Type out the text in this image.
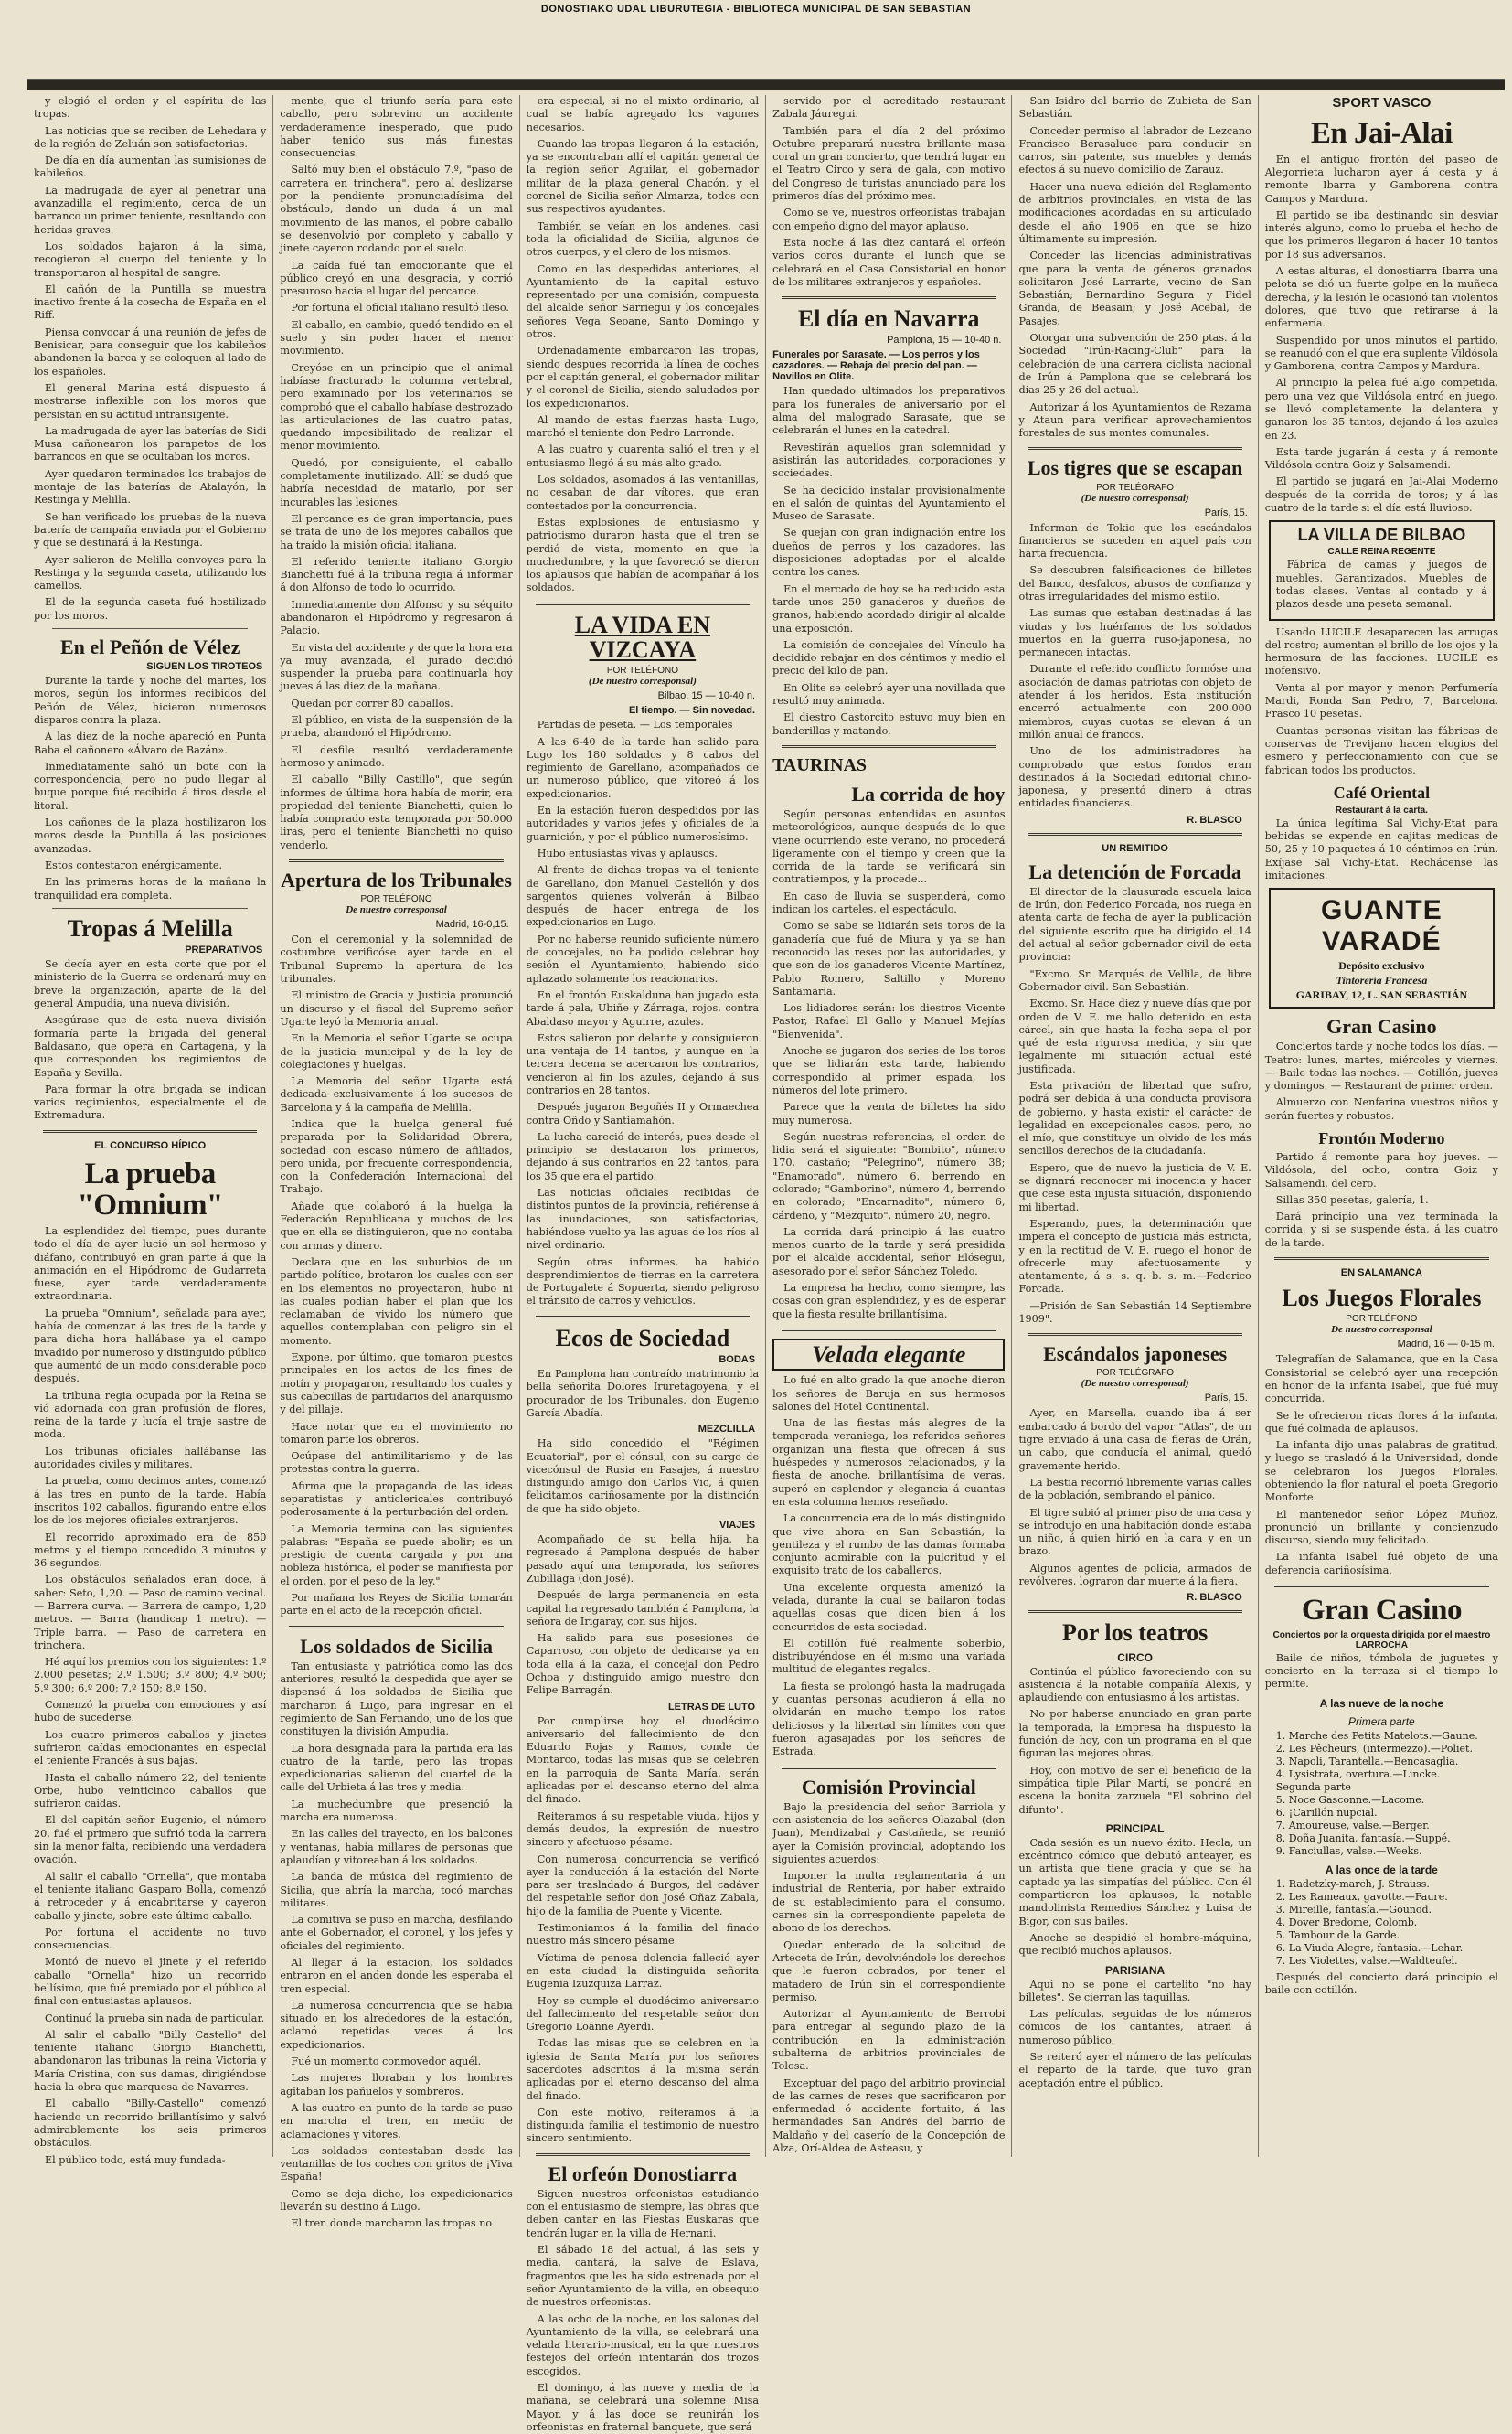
DONOSTIAKO UDAL LIBURUTEGIA - BIBLIOTECA MUNICIPAL DE SAN SEBASTIAN

y elogió el orden y el espíritu de las tropas.

Las noticias que se reciben de Lehedara y de la región de Zeluán son satisfactorias.

De día en día aumentan las sumisiones de kabileños.

La madrugada de ayer al penetrar una avanzadilla el regimiento, cerca de un barranco un primer teniente, resultando con heridas graves.

Los soldados bajaron á la sima, recogieron el cuerpo del teniente y lo transportaron al hospital de sangre.

El cañón de la Puntilla se muestra inactivo frente á la cosecha de España en el Riff.

Piensa convocar á una reunión de jefes de Benisicar, para conseguir que los kabileños abandonen la barca y se coloquen al lado de los españoles.

El general Marina está dispuesto á mostrarse inflexible con los moros que persistan en su actitud intransigente.

La madrugada de ayer las baterías de Sidi Musa cañonearon los parapetos de los barrancos en que se ocultaban los moros.

Ayer quedaron terminados los trabajos de montaje de las baterías de Atalayón, la Restinga y Melilla.

Se han verificado los pruebas de la nueva batería de campaña enviada por el Gobierno y que se destinará á la Restinga.

Ayer salieron de Melilla convoyes para la Restinga y la segunda caseta, utilizando los camellos.

El de la segunda caseta fué hostilizado por los moros.

En el Peñón de Vélez
SIGUEN LOS TIROTEOS

Durante la tarde y noche del martes, los moros, según los informes recibidos del Peñón de Vélez, hicieron numerosos disparos contra la plaza.

A las diez de la noche apareció en Punta Baba el cañonero «Álvaro de Bazán».

Inmediatamente salió un bote con la correspondencia, pero no pudo llegar al buque porque fué recibido á tiros desde el litoral.

Los cañones de la plaza hostilizaron los moros desde la Puntilla á las posiciones avanzadas.

Estos contestaron enérgicamente.

En las primeras horas de la mañana la tranquilidad era completa.

Tropas á Melilla
PREPARATIVOS

Se decía ayer en esta corte que por el ministerio de la Guerra se ordenará muy en breve la organización, aparte de la del general Ampudia, una nueva división.

Asegúrase que de esta nueva división formaría parte la brigada del general Baldasano, que opera en Cartagena, y la que corresponden los regimientos de España y Sevilla.

Para formar la otra brigada se indican varios regimientos, especialmente el de Extremadura.

EL CONCURSO HÍPICO
La prueba "Omnium"

La esplendidez del tiempo, pues durante todo el día de ayer lució un sol hermoso y diáfano, contribuyó en gran parte á que la animación en el Hipódromo de Gudarreta fuese, ayer tarde verdaderamente extraordinaria.

La prueba "Omnium", señalada para ayer, había de comenzar á las tres de la tarde y para dicha hora hallábase ya el campo invadido por numeroso y distinguido público que aumentó de un modo considerable poco después.

La tribuna regia ocupada por la Reina se vió adornada con gran profusión de flores, reina de la tarde y lucía el traje sastre de moda.

Los tribunas oficiales hallábanse las autoridades civiles y militares.

La prueba, como decimos antes, comenzó á las tres en punto de la tarde. Había inscritos 102 caballos, figurando entre ellos los de los mejores oficiales extranjeros.

El recorrido aproximado era de 850 metros y el tiempo concedido 3 minutos y 36 segundos.

Los obstáculos señalados eran doce, á saber: Seto, 1,20. — Paso de camino vecinal. — Barrera curva. — Barrera de campo, 1,20 metros. — Barra (handicap 1 metro). — Triple barra. — Paso de carretera en trinchera.

Hé aquí los premios con los siguientes: 1.º 2.000 pesetas; 2.º 1.500; 3.º 800; 4.º 500; 5.º 300; 6.º 200; 7.º 150; 8.º 150.

Comenzó la prueba con emociones y así hubo de sucederse.

Los cuatro primeros caballos y jinetes sufrieron caídas emocionantes en especial el teniente Francés à sus bajas.

Hasta el caballo número 22, del teniente Orbe, hubo veinticinco caballos que sufrieron caídas.

El del capitán señor Eugenio, el número 20, fué el primero que sufrió toda la carrera sin la menor falta, recibiendo una verdadera ovación.

Al salir el caballo "Ornella", que montaba el teniente italiano Gasparo Bolla, comenzó á retroceder y á encabritarse y cayeron caballo y jinete, sobre este último caballo.

Por fortuna el accidente no tuvo consecuencias.

Montó de nuevo el jinete y el referido caballo "Ornella" hizo un recorrido bellísimo, que fué premiado por el público al final con entusiastas aplausos.

Continuó la prueba sin nada de particular.

Al salir el caballo "Billy Castello" del teniente italiano Giorgio Bianchetti, abandonaron las tribunas la reina Victoria y María Cristina, con sus damas, dirigiéndose hacia la obra que marquesa de Navarres.

El caballo "Billy-Castello" comenzó haciendo un recorrido brillantísimo y salvó admirablemente los seis primeros obstáculos.

El público todo, está muy fundada-

mente, que el triunfo sería para este caballo, pero sobrevino un accidente verdaderamente inesperado, que pudo haber tenido sus más funestas consecuencias.

Saltó muy bien el obstáculo 7.º, "paso de carretera en trinchera", pero al deslizarse por la pendiente pronunciadísima del obstáculo, dando un duda á un mal movimiento de las manos, el pobre caballo se desenvolvió por completo y caballo y jinete cayeron rodando por el suelo.

La caída fué tan emocionante que el público creyó en una desgracia, y corrió presuroso hacia el lugar del percance.

Por fortuna el oficial italiano resultó ileso.

El caballo, en cambio, quedó tendido en el suelo y sin poder hacer el menor movimiento.

Creyóse en un principio que el animal habíase fracturado la columna vertebral, pero examinado por los veterinarios se comprobó que el caballo habíase destrozado las articulaciones de las cuatro patas, quedando imposibilitado de realizar el menor movimiento.

Quedó, por consiguiente, el caballo completamente inutilizado. Allí se dudó que habría necesidad de matarlo, por ser incurables las lesiones.

El percance es de gran importancia, pues se trata de uno de los mejores caballos que ha traído la misión oficial italiana.

El referido teniente italiano Giorgio Bianchetti fué á la tribuna regia á informar á don Alfonso de todo lo ocurrido.

Inmediatamente don Alfonso y su séquito abandonaron el Hipódromo y regresaron á Palacio.

En vista del accidente y de que la hora era ya muy avanzada, el jurado decidió suspender la prueba para continuarla hoy jueves á las diez de la mañana.

Quedan por correr 80 caballos.

El público, en vista de la suspensión de la prueba, abandonó el Hipódromo.

El desfile resultó verdaderamente hermoso y animado.

El caballo "Billy Castillo", que según informes de última hora había de morir, era propiedad del teniente Bianchetti, quien lo había comprado esta temporada por 50.000 liras, pero el teniente Bianchetti no quiso venderlo.

Apertura de los Tribunales
POR TELÉFONO
De nuestro corresponsal
Madrid, 16-0,15.

Con el ceremonial y la solemnidad de costumbre verificóse ayer tarde en el Tribunal Supremo la apertura de los tribunales.

El ministro de Gracia y Justicia pronunció un discurso y el fiscal del Supremo señor Ugarte leyó la Memoria anual.

En la Memoria el señor Ugarte se ocupa de la justicia municipal y de la ley de colegiaciones y huelgas.

La Memoria del señor Ugarte está dedicada exclusivamente á los sucesos de Barcelona y á la campaña de Melilla.

Indica que la huelga general fué preparada por la Solidaridad Obrera, sociedad con escaso número de afiliados, pero unida, por frecuente correspondencia, con la Confederación Internacional del Trabajo.

Añade que colaboró á la huelga la Federación Republicana y muchos de los que en ella se distinguieron, que no contaba con armas y dinero.

Declara que en los suburbios de un partido político, brotaron los cuales con ser en los elementos no proyectaron, hubo ni las cuales podían haber el plan que los reclamaban de vivido los número que aquellos contemplaban con peligro sin el momento.

Expone, por último, que tomaron puestos principales en los actos de los fines de motín y propagaron, resultando los cuales y sus cabecillas de partidarios del anarquismo y del pillaje.

Hace notar que en el movimiento no tomaron parte los obreros.

Ocúpase del antimilitarismo y de las protestas contra la guerra.

Afirma que la propaganda de las ideas separatistas y anticlericales contribuyó poderosamente á la perturbación del orden.

La Memoria termina con las siguientes palabras: "España se puede abolir; es un prestigio de cuenta cargada y por una nobleza histórica, el poder se manifiesta por el orden, por el peso de la ley."

Por mañana los Reyes de Sicilia tomarán parte en el acto de la recepción oficial.

Los soldados de Sicilia

Tan entusiasta y patriótica como las dos anteriores, resultó la despedida que ayer se dispensó á los soldados de Sicilia que marcharon á Lugo, para ingresar en el regimiento de San Fernando, uno de los que constituyen la división Ampudia.

La hora designada para la partida era las cuatro de la tarde, pero las tropas expedicionarias salieron del cuartel de la calle del Urbieta á las tres y media.

La muchedumbre que presenció la marcha era numerosa.

En las calles del trayecto, en los balcones y ventanas, había millares de personas que aplaudían y vitoreaban á los soldados.

La banda de música del regimiento de Sicilia, que abría la marcha, tocó marchas militares.

La comitiva se puso en marcha, desfilando ante el Gobernador, el coronel, y los jefes y oficiales del regimiento.

Al llegar á la estación, los soldados entraron en el anden donde les esperaba el tren especial.

La numerosa concurrencia que se habia situado en los alrededores de la estación, aclamó repetidas veces á los expedicionarios.

Fué un momento conmovedor aquél.

Las mujeres lloraban y los hombres agitaban los pañuelos y sombreros.

A las cuatro en punto de la tarde se puso en marcha el tren, en medio de aclamaciones y vítores.

Los soldados contestaban desde las ventanillas de los coches con gritos de ¡Viva España!

Como se deja dicho, los expedicionarios llevarán su destino á Lugo.

El tren donde marcharon las tropas no

era especial, si no el mixto ordinario, al cual se había agregado los vagones necesarios.

Cuando las tropas llegaron á la estación, ya se encontraban allí el capitán general de la región señor Aguilar, el gobernador militar de la plaza general Chacón, y el coronel de Sicilia señor Almarza, todos con sus respectivos ayudantes.

También se veían en los andenes, casi toda la oficialidad de Sicilia, algunos de otros cuerpos, y el clero de los mismos.

Como en las despedidas anteriores, el Ayuntamiento de la capital estuvo representado por una comisión, compuesta del alcalde señor Sarriegui y los concejales señores Vega Seoane, Santo Domingo y otros.

Ordenadamente embarcaron las tropas, siendo despues recorrida la línea de coches por el capitán general, el gobernador militar y el coronel de Sicilia, siendo saludados por los expedicionarios.

Al mando de estas fuerzas hasta Lugo, marchó el teniente don Pedro Larronde.

A las cuatro y cuarenta salió el tren y el entusiasmo llegó á su más alto grado.

Los soldados, asomados á las ventanillas, no cesaban de dar vítores, que eran contestados por la concurrencia.

Estas explosiones de entusiasmo y patriotismo duraron hasta que el tren se perdió de vista, momento en que la muchedumbre, y la que favoreció se dieron los aplausos que habían de acompañar á los soldados.

LA VIDA EN VIZCAYA
POR TELÉFONO
(De nuestro corresponsal)
Bilbao, 15 — 10-40 n.
El tiempo. — Sin novedad.

Partidas de peseta. — Los temporales

A las 6-40 de la tarde han salido para Lugo los 180 soldados y 8 cabos del regimiento de Garellano, acompañados de un numeroso público, que vitoreó á los expedicionarios.

En la estación fueron despedidos por las autoridades y varios jefes y oficiales de la guarnición, y por el público numerosísimo.

Hubo entusiastas vivas y aplausos.

Al frente de dichas tropas va el teniente de Garellano, don Manuel Castellón y dos sargentos quienes volverán á Bilbao después de hacer entrega de los expedicionarios en Lugo.

Por no haberse reunido suficiente número de concejales, no ha podido celebrar hoy sesión el Ayuntamiento, habiendo sido aplazado solamente los reacionarios.

En el frontón Euskalduna han jugado esta tarde á pala, Ubiñe y Zárraga, rojos, contra Abaldaso mayor y Aguirre, azules.

Estos salieron por delante y consiguieron una ventaja de 14 tantos, y aunque en la tercera decena se acercaron los contrarios, vencieron al fin los azules, dejando á sus contrarios en 28 tantos.

Después jugaron Begoñés II y Ormaechea contra Oñdo y Santiamahón.

La lucha careció de interés, pues desde el principio se destacaron los primeros, dejando á sus contrarios en 22 tantos, para los 35 que era el partido.

Las noticias oficiales recibidas de distintos puntos de la provincia, refiérense á las inundaciones, son satisfactorias, habiéndose vuelto ya las aguas de los ríos al nivel ordinario.

Según otras informes, ha habido desprendimientos de tierras en la carretera de Portugalete á Sopuerta, siendo peligroso el tránsito de carros y vehículos.

Ecos de Sociedad
BODAS

En Pamplona han contraído matrimonio la bella señorita Dolores Iruretagoyena, y el procurador de los Tribunales, don Eugenio García Abadía.

MEZCLILLA

Ha sido concedido el "Régimen Ecuatorial", por el cónsul, con su cargo de vicecónsul de Rusia en Pasajes, á nuestro distinguido amigo don Carlos Vic, á quien felicitamos cariñosamente por la distinción de que ha sido objeto.

VIAJES

Acompañado de su bella hija, ha regresado á Pamplona después de haber pasado aquí una temporada, los señores Zubillaga (don José).

Después de larga permanencia en esta capital ha regresado también á Pamplona, la señora de Irigaray, con sus hijos.

Ha salido para sus posesiones de Caparroso, con objeto de dedicarse ya en toda ella á la caza, el concejal don Pedro Ochoa y distinguido amigo nuestro don Felipe Barragán.

LETRAS DE LUTO

Por cumplirse hoy el duodécimo aniversario del fallecimiento de don Eduardo Rojas y Ramos, conde de Montarco, todas las misas que se celebren en la parroquia de Santa María, serán aplicadas por el descanso eterno del alma del finado.

Reiteramos á su respetable viuda, hijos y demás deudos, la expresión de nuestro sincero y afectuoso pésame.

Con numerosa concurrencia se verificó ayer la conducción á la estación del Norte para ser trasladado á Burgos, del cadáver del respetable señor don José Oñaz Zabala, hijo de la familia de Puente y Vicente.

Testimoniamos á la familia del finado nuestro más sincero pésame.

Víctima de penosa dolencia falleció ayer en esta ciudad la distinguida señorita Eugenia Izuzquiza Larraz.

Hoy se cumple el duodécimo aniversario del fallecimiento del respetable señor don Gregorio Loanne Ayerdi.

Todas las misas que se celebren en la iglesia de Santa María por los señores sacerdotes adscritos á la misma serán aplicadas por el eterno descanso del alma del finado.

Con este motivo, reiteramos á la distinguida familia el testimonio de nuestro sincero sentimiento.

El orfeón Donostiarra

Siguen nuestros orfeonistas estudiando con el entusiasmo de siempre, las obras que deben cantar en las Fiestas Euskaras que tendrán lugar en la villa de Hernani.

El sábado 18 del actual, á las seis y media, cantará, la salve de Eslava, fragmentos que les ha sido estrenada por el señor Ayuntamiento de la villa, en obsequio de nuestros orfeonistas.

A las ocho de la noche, en los salones del Ayuntamiento de la villa, se celebrará una velada literario-musical, en la que nuestros festejos del orfeón intentarán dos trozos escogidos.

El domingo, á las nueve y media de la mañana, se celebrará una solemne Misa Mayor, y á las doce se reunirán los orfeonistas en fraternal banquete, que será

servido por el acreditado restaurant Zabala Jáuregui.

También para el día 2 del próximo Octubre preparará nuestra brillante masa coral un gran concierto, que tendrá lugar en el Teatro Circo y será de gala, con motivo del Congreso de turistas anunciado para los primeros días del próximo mes.

Como se ve, nuestros orfeonistas trabajan con empeño digno del mayor aplauso.

Esta noche á las diez cantará el orfeón varios coros durante el lunch que se celebrará en el Casa Consistorial en honor de los militares extranjeros y españoles.

El día en Navarra
Pamplona, 15 — 10-40 n.
Funerales por Sarasate. — Los perros y los cazadores. — Rebaja del precio del pan. — Novillos en Olite.

Han quedado ultimados los preparativos para los funerales de aniversario por el alma del malogrado Sarasate, que se celebrarán el lunes en la catedral.

Revestirán aquellos gran solemnidad y asistirán las autoridades, corporaciones y sociedades.

Se ha decidido instalar provisionalmente en el salón de quintas del Ayuntamiento el Museo de Sarasate.

Se quejan con gran indignación entre los dueños de perros y los cazadores, las disposiciones adoptadas por el alcalde contra los canes.

En el mercado de hoy se ha reducido esta tarde unos 250 ganaderos y dueños de granos, habiendo acordado dirigir al alcalde una exposición.

La comisión de concejales del Vínculo ha decidido rebajar en dos céntimos y medio el precio del kilo de pan.

En Olite se celebró ayer una novillada que resultó muy animada.

El diestro Castorcito estuvo muy bien en banderillas y matando.

TAURINAS
La corrida de hoy

Según personas entendidas en asuntos meteorológicos, aunque después de lo que viene ocurriendo este verano, no procederá ligeramente con el tiempo y creen que la corrida de la tarde se verificará sin contratiempos, y la procede...

En caso de lluvia se suspenderá, como indican los carteles, el espectáculo.

Como se sabe se lidiarán seis toros de la ganadería que fué de Miura y ya se han reconocido las reses por las autoridades, y que son de los ganaderos Vicente Martínez, Pablo Romero, Saltillo y Moreno Santamaría.

Los lidiadores serán: los diestros Vicente Pastor, Rafael El Gallo y Manuel Mejías "Bienvenida".

Anoche se jugaron dos series de los toros que se lidiarán esta tarde, habiendo correspondido al primer espada, los números del lote primero.

Parece que la venta de billetes ha sido muy numerosa.

Según nuestras referencias, el orden de lidia será el siguiente: "Bombito", número 170, castaño; "Pelegrino", número 38; "Enamorado", número 6, berrendo en colorado; "Gamborino", número 4, berrendo en colorado; "Encarnadito", número 6, cárdeno, y "Mezquito", número 20, negro.

La corrida dará principio á las cuatro menos cuarto de la tarde y será presidida por el alcalde accidental, señor Elósegui, asesorado por el señor Sánchez Toledo.

La empresa ha hecho, como siempre, las cosas con gran esplendidez, y es de esperar que la fiesta resulte brillantísima.

Velada elegante

Lo fué en alto grado la que anoche dieron los señores de Baruja en sus hermosos salones del Hotel Continental.

Una de las fiestas más alegres de la temporada veraniega, los referidos señores organizan una fiesta que ofrecen á sus huéspedes y numerosos relacionados, y la fiesta de anoche, brillantísima de veras, superó en esplendor y elegancia á cuantas en esta columna hemos reseñado.

La concurrencia era de lo más distinguido que vive ahora en San Sebastián, la gentileza y el rumbo de las damas formaba conjunto admirable con la pulcritud y el exquisito trato de los caballeros.

Una excelente orquesta amenizó la velada, durante la cual se bailaron todas aquellas cosas que dicen bien á los concurridos de esta sociedad.

El cotillón fué realmente soberbio, distribuyéndose en él mismo una variada multitud de elegantes regalos.

La fiesta se prolongó hasta la madrugada y cuantas personas acudieron á ella no olvidarán en mucho tiempo los ratos deliciosos y la libertad sin límites con que fueron agasajadas por los señores de Estrada.

Comisión Provincial

Bajo la presidencia del señor Barriola y con asistencia de los señores Olazabal (don Juan), Mendizabal y Castañeda, se reunió ayer la Comisión provincial, adoptando los siguientes acuerdos:

Imponer la multa reglamentaria á un industrial de Rentería, por haber extraído de su establecimiento para el consumo, carnes sin la correspondiente papeleta de abono de los derechos.

Quedar enterado de la solicitud de Arteceta de Irún, devolviéndole los derechos que le fueron cobrados, por tener el matadero de Irún sin el correspondiente permiso.

Autorizar al Ayuntamiento de Berrobi para entregar al segundo plazo de la contribución en la administración subalterna de arbitrios provinciales de Tolosa.

Exceptuar del pago del arbitrio provincial de las carnes de reses que sacrificaron por enfermedad ó accidente fortuito, á las hermandades San Andrés del barrio de Maldaño y del caserío de la Concepción de Alza, Orí-Aldea de Asteasu, y

San Isidro del barrio de Zubieta de San Sebastián.

Conceder permiso al labrador de Lezcano Francisco Berasaluce para conducir en carros, sin patente, sus muebles y demás efectos á su nuevo domicilio de Zarauz.

Hacer una nueva edición del Reglamento de arbitrios provinciales, en vista de las modificaciones acordadas en su articulado desde el año 1906 en que se hizo últimamente su impresión.

Conceder las licencias administrativas que para la venta de géneros granados solicitaron José Larrarte, vecino de San Sebastián; Bernardino Segura y Fidel Granda, de Beasain; y José Acebal, de Pasajes.

Otorgar una subvención de 250 ptas. á la Sociedad "Irún-Racing-Club" para la celebración de una carrera ciclista nacional de Irún á Pamplona que se celebrará los días 25 y 26 del actual.

Autorizar á los Ayuntamientos de Rezama y Ataun para verificar aprovechamientos forestales de sus montes comunales.

Los tigres que se escapan
POR TELÉGRAFO
(De nuestro corresponsal)
París, 15.

Informan de Tokio que los escándalos financieros se suceden en aquel país con harta frecuencia.

Se descubren falsificaciones de billetes del Banco, desfalcos, abusos de confianza y otras irregularidades del mismo estilo.

Las sumas que estaban destinadas á las viudas y los huérfanos de los soldados muertos en la guerra ruso-japonesa, no permanecen intactas.

Durante el referido conflicto formóse una asociación de damas patriotas con objeto de atender á los heridos. Esta institución encerró actualmente con 200.000 miembros, cuyas cuotas se elevan á un millón anual de francos.

Uno de los administradores ha comprobado que estos fondos eran destinados á la Sociedad editorial chino-japonesa, y presentó dinero á otras entidades financieras.

R. BLASCO
UN REMITIDO
La detención de Forcada

El director de la clausurada escuela laica de Irún, don Federico Forcada, nos ruega en atenta carta de fecha de ayer la publicación del siguiente escrito que ha dirigido el 14 del actual al señor gobernador civil de esta provincia:

"Excmo. Sr. Marqués de Vellila, de libre Gobernador civil. San Sebastián.

Excmo. Sr. Hace diez y nueve días que por orden de V. E. me hallo detenido en esta cárcel, sin que hasta la fecha sepa el por qué de esta rigurosa medida, y sin que legalmente mi situación actual esté justificada.

Esta privación de libertad que sufro, podrá ser debida á una conducta provisora de gobierno, y hasta existir el carácter de legalidad en excepcionales casos, pero, no el mío, que constituye un olvido de los más sencillos derechos de la ciudadanía.

Espero, que de nuevo la justicia de V. E. se dignará reconocer mi inocencia y hacer que cese esta injusta situación, disponiendo mi libertad.

Esperando, pues, la determinación que impera el concepto de justicia más estricta, y en la rectitud de V. E. ruego el honor de ofrecerle muy afectuosamente y atentamente, á s. s. q. b. s. m.—Federico Forcada.

—Prisión de San Sebastián 14 Septiembre 1909".

Escándalos japoneses
POR TELÉGRAFO
(De nuestro corresponsal)
París, 15.

Ayer, en Marsella, cuando iba á ser embarcado á bordo del vapor "Atlas", de un tigre enviado á una casa de fieras de Orán, un cabo, que conducía el animal, quedó gravemente herido.

La bestia recorrió libremente varias calles de la población, sembrando el pánico.

El tigre subió al primer piso de una casa y se introdujo en una habitación donde estaba un niño, á quien hirió en la cara y en un brazo.

Algunos agentes de policía, armados de revólveres, lograron dar muerte á la fiera.

R. BLASCO
Por los teatros
CIRCO

Continúa el público favoreciendo con su asistencia á la notable compañía Alexis, y aplaudiendo con entusiasmo á los artistas.

No por haberse anunciado en gran parte la temporada, la Empresa ha dispuesto la función de hoy, con un programa en el que figuran las mejores obras.

Hoy, con motivo de ser el beneficio de la simpática tiple Pilar Martí, se pondrá en escena la bonita zarzuela "El sobrino del difunto".

PRINCIPAL

Cada sesión es un nuevo éxito. Hecla, un excéntrico cómico que debutó anteayer, es un artista que tiene gracia y que se ha captado ya las simpatías del público. Con él compartieron los aplausos, la notable mandolinista Remedios Sánchez y Luisa de Bigor, con sus bailes.

Anoche se despidió el hombre-máquina, que recibió muchos aplausos.

PARISIANA

Aquí no se pone el cartelito "no hay billetes". Se cierran las taquillas.

Las películas, seguidas de los números cómicos de los cantantes, atraen á numeroso público.

Se reiteró ayer el número de las películas el reparto de la tarde, que tuvo gran aceptación entre el público.

SPORT VASCO
En Jai-Alai

En el antiguo frontón del paseo de Alegorrieta lucharon ayer á cesta y á remonte Ibarra y Gamborena contra Campos y Mardura.

El partido se iba destinando sin desviar interés alguno, como lo prueba el hecho de que los primeros llegaron á hacer 10 tantos por 18 sus adversarios.

A estas alturas, el donostiarra Ibarra una pelota se dió un fuerte golpe en la muñeca derecha, y la lesión le ocasionó tan violentos dolores, que tuvo que retirarse á la enfermería.

Suspendido por unos minutos el partido, se reanudó con el que era suplente Vildósola y Gamborena, contra Campos y Mardura.

Al principio la pelea fué algo competida, pero una vez que Vildósola entró en juego, se llevó completamente la delantera y ganaron los 35 tantos, dejando á los azules en 23.

Esta tarde jugarán á cesta y á remonte Vildósola contra Goiz y Salsamendi.

El partido se jugará en Jai-Alai Moderno después de la corrida de toros; y á las cuatro de la tarde si el día está lluvioso.

LA VILLA DE BILBAO
CALLE REINA REGENTE

Fábrica de camas y juegos de muebles. Garantizados. Muebles de todas clases. Ventas al contado y á plazos desde una peseta semanal.

Usando LUCILE desaparecen las arrugas del rostro; aumentan el brillo de los ojos y la hermosura de las facciones. LUCILE es inofensivo.

Venta al por mayor y menor: Perfumería Mardi, Ronda San Pedro, 7, Barcelona. Frasco 10 pesetas.

Cuantas personas visitan las fábricas de conservas de Trevijano hacen elogios del esmero y perfeccionamiento con que se fabrican todos los productos.

Café Oriental
Restaurant á la carta.

La única legítima Sal Vichy-Etat para bebidas se expende en cajitas medicas de 50, 25 y 10 paquetes á 10 céntimos en Irún. Exíjase Sal Vichy-Etat. Rechácense las imitaciones.

GUANTE VARADÉ
Depósito exclusivo
Tintorería Francesa
GARIBAY, 12, L. SAN SEBASTIÁN
Gran Casino

Conciertos tarde y noche todos los días. — Teatro: lunes, martes, miércoles y viernes. — Baile todas las noches. — Cotillón, jueves y domingos. — Restaurant de primer orden.

Almuerzo con Nenfarina vuestros niños y serán fuertes y robustos.

Frontón Moderno

Partido á remonte para hoy jueves. — Vildósola, del ocho, contra Goiz y Salsamendi, del cero.

Sillas 350 pesetas, galería, 1.

Dará principio una vez terminada la corrida, y si se suspende ésta, á las cuatro de la tarde.

EN SALAMANCA
Los Juegos Florales
POR TELÉFONO
De nuestro corresponsal
Madrid, 16 — 0-15 m.

Telegrafían de Salamanca, que en la Casa Consistorial se celebró ayer una recepción en honor de la infanta Isabel, que fué muy concurrida.

Se le ofrecieron ricas flores á la infanta, que fué colmada de aplausos.

La infanta dijo unas palabras de gratitud, y luego se trasladó á la Universidad, donde se celebraron los Juegos Florales, obteniendo la flor natural el poeta Gregorio Monforte.

El mantenedor señor López Muñoz, pronunció un brillante y concienzudo discurso, siendo muy felicitado.

La infanta Isabel fué objeto de una deferencia cariñosísima.

Gran Casino
Conciertos por la orquesta dirigida por el maestro LARROCHA

Baile de niños, tómbola de juguetes y concierto en la terraza si el tiempo lo permite.

A las nueve de la noche
Primera parte
1. Marche des Petits Matelots.—Gaune.
2. Les Pêcheurs, (intermezzo).—Poliet.
3. Napoli, Tarantella.—Bencasaglia.
4. Lysistrata, overtura.—Lincke.
Segunda parte
5. Noce Gasconne.—Lacome.
6. ¡Carillón nupcial.
7. Amoureuse, valse.—Berger.
8. Doña Juanita, fantasía.—Suppé.
9. Fanciullas, valse.—Weeks.
A las once de la tarde
1. Radetzky-march, J. Strauss.
2. Les Rameaux, gavotte.—Faure.
3. Mireille, fantasía.—Gounod.
4. Dover Bredome, Colomb.
5. Tambour de la Garde.
6. La Viuda Alegre, fantasía.—Lehar.
7. Les Violettes, valse.—Waldteufel.

Después del concierto dará principio el baile con cotillón.
